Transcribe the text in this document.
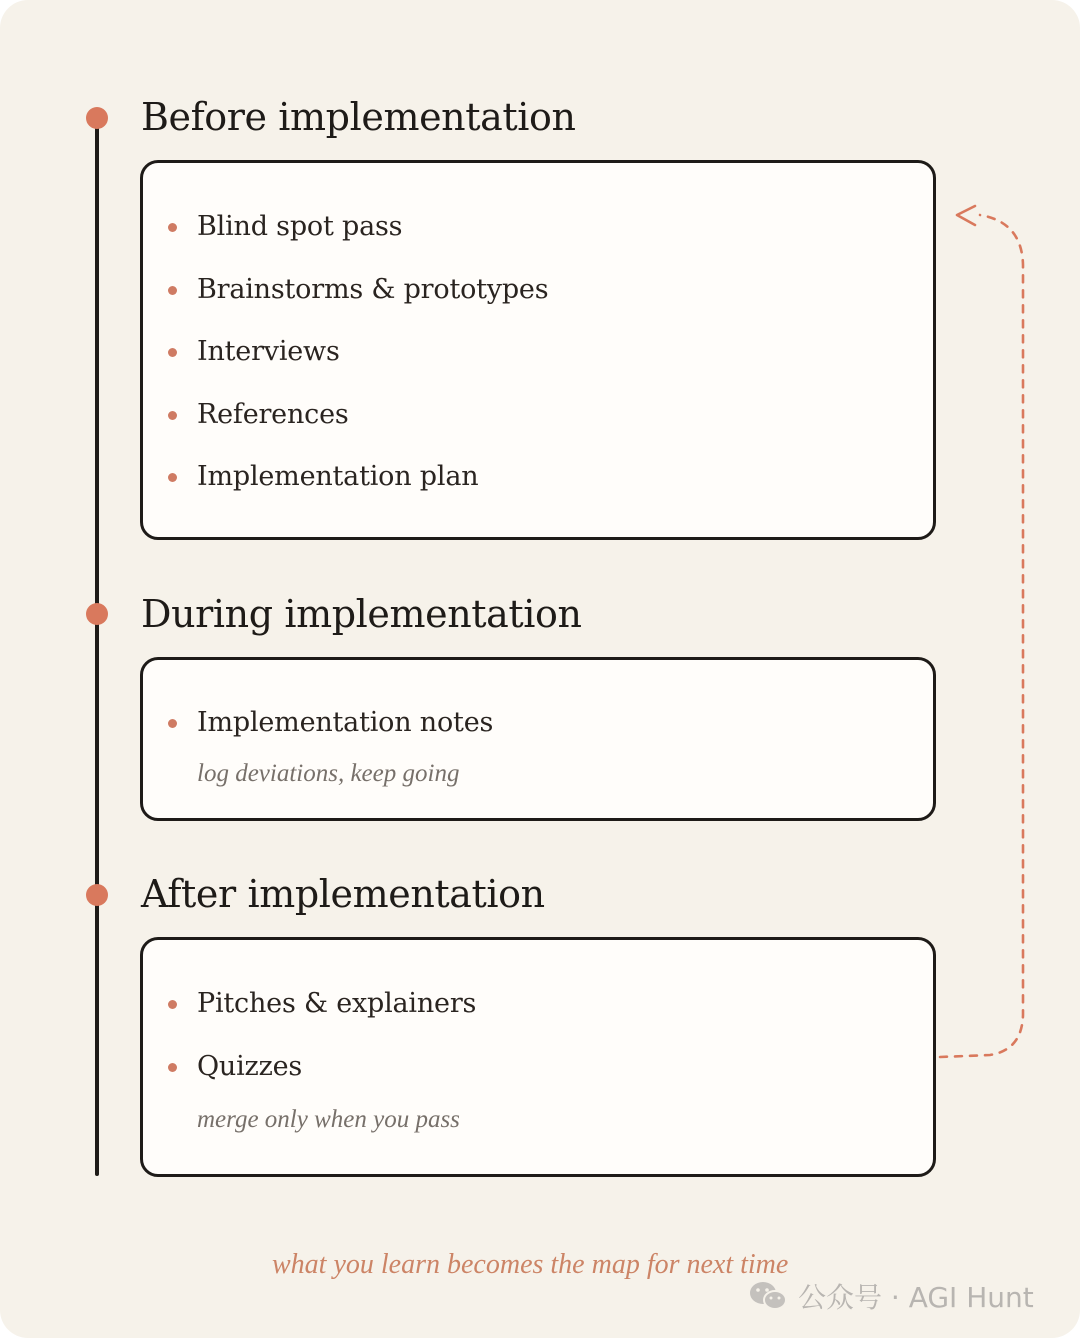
Before implementation
Blind spot pass
Brainstorms & prototypes
Interviews
References
Implementation plan
During implementation
Implementation notes
log deviations, keep going
After implementation
Pitches & explainers
Quizzes
merge only when you pass
what you learn becomes the map for next time
公众号 · AGI Hunt
